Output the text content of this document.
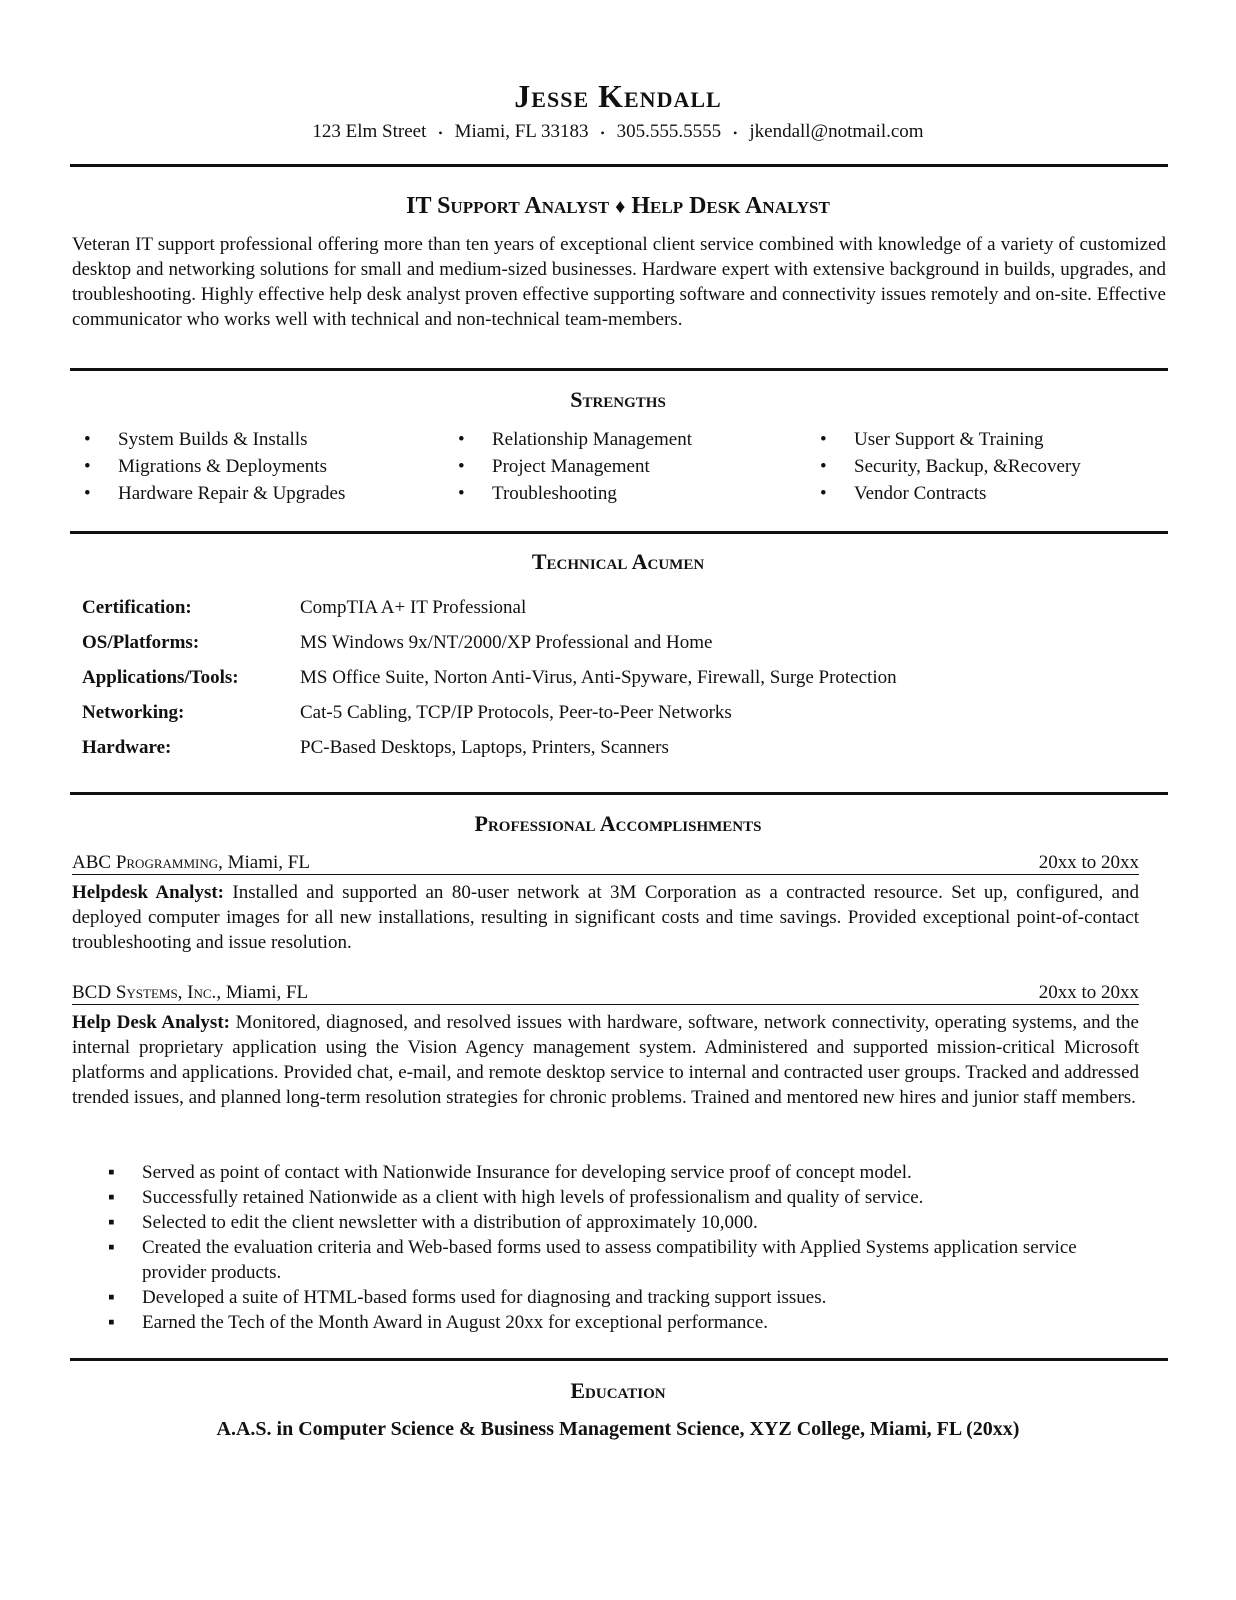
Jesse Kendall
123 Elm Street • Miami, FL 33183 • 305.555.5555 • jkendall@notmail.com
IT Support Analyst ♦ Help Desk Analyst
Veteran IT support professional offering more than ten years of exceptional client service combined with knowledge of a variety of customized desktop and networking solutions for small and medium-sized businesses. Hardware expert with extensive background in builds, upgrades, and troubleshooting. Highly effective help desk analyst proven effective supporting software and connectivity issues remotely and on-site. Effective communicator who works well with technical and non-technical team-members.
Strengths
• System Builds & Installs
• Migrations & Deployments
• Hardware Repair & Upgrades
• Relationship Management
• Project Management
• Troubleshooting
• User Support & Training
• Security, Backup, &Recovery
• Vendor Contracts
Technical Acumen
Certification:	CompTIA A+ IT Professional
OS/Platforms:	MS Windows 9x/NT/2000/XP Professional and Home
Applications/Tools:	MS Office Suite, Norton Anti-Virus, Anti-Spyware, Firewall, Surge Protection
Networking:	Cat-5 Cabling, TCP/IP Protocols, Peer-to-Peer Networks
Hardware:	PC-Based Desktops, Laptops, Printers, Scanners
Professional Accomplishments
ABC Programming, Miami, FL	20xx to 20xx
Helpdesk Analyst: Installed and supported an 80-user network at 3M Corporation as a contracted resource. Set up, configured, and deployed computer images for all new installations, resulting in significant costs and time savings. Provided exceptional point-of-contact troubleshooting and issue resolution.
BCD Systems, Inc., Miami, FL	20xx to 20xx
Help Desk Analyst: Monitored, diagnosed, and resolved issues with hardware, software, network connectivity, operating systems, and the internal proprietary application using the Vision Agency management system. Administered and supported mission-critical Microsoft platforms and applications. Provided chat, e-mail, and remote desktop service to internal and contracted user groups. Tracked and addressed trended issues, and planned long-term resolution strategies for chronic problems. Trained and mentored new hires and junior staff members.
▪ Served as point of contact with Nationwide Insurance for developing service proof of concept model.
▪ Successfully retained Nationwide as a client with high levels of professionalism and quality of service.
▪ Selected to edit the client newsletter with a distribution of approximately 10,000.
▪ Created the evaluation criteria and Web-based forms used to assess compatibility with Applied Systems application service provider products.
▪ Developed a suite of HTML-based forms used for diagnosing and tracking support issues.
▪ Earned the Tech of the Month Award in August 20xx for exceptional performance.
Education
A.A.S. in Computer Science & Business Management Science, XYZ College, Miami, FL (20xx)
